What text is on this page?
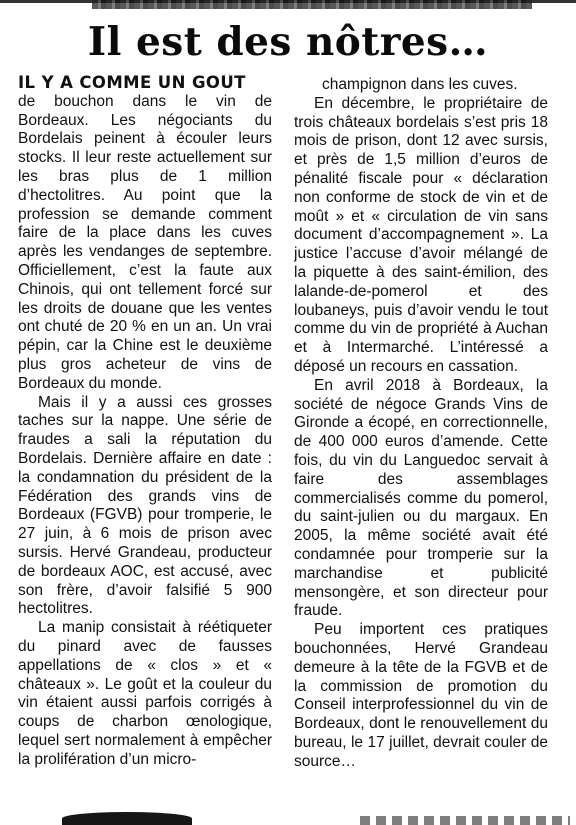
Il est des nôtres…

IL Y A COMME UN GOÛT

de bouchon dans le vin de Bordeaux. Les négociants du Bordelais peinent à écouler leurs stocks. Il leur reste actuellement sur les bras plus de 1 million d’hectolitres. Au point que la profession se demande comment faire de la place dans les cuves après les vendanges de septembre. Officiellement, c’est la faute aux Chinois, qui ont tellement forcé sur les droits de douane que les ventes ont chuté de 20 % en un an. Un vrai pépin, car la Chine est le deuxième plus gros acheteur de vins de Bordeaux du monde.

Mais il y a aussi ces grosses taches sur la nappe. Une série de fraudes a sali la réputation du Bordelais. Dernière affaire en date : la condamnation du président de la Fédération des grands vins de Bordeaux (FGVB) pour tromperie, le 27 juin, à 6 mois de prison avec sursis. Hervé Grandeau, producteur de bordeaux AOC, est accusé, avec son frère, d’avoir falsifié 5 900 hectolitres.

La manip consistait à réétiqueter du pinard avec de fausses appellations de « clos » et « châteaux ». Le goût et la couleur du vin étaient aussi parfois corrigés à coups de charbon œnologique, lequel sert normalement à empêcher la prolifération d’un micro-

champignon dans les cuves.

En décembre, le propriétaire de trois châteaux bordelais s’est pris 18 mois de prison, dont 12 avec sursis, et près de 1,5 million d’euros de pénalité fiscale pour « déclaration non conforme de stock de vin et de moût » et « circulation de vin sans document d’accompagnement ». La justice l’accuse d’avoir mélangé de la piquette à des saint-émilion, des lalande-de-pomerol et des loubaneys, puis d’avoir vendu le tout comme du vin de propriété à Auchan et à Intermarché. L’intéressé a déposé un recours en cassation.

En avril 2018 à Bordeaux, la société de négoce Grands Vins de Gironde a écopé, en correctionnelle, de 400 000 euros d’amende. Cette fois, du vin du Languedoc servait à faire des assemblages commercialisés comme du pomerol, du saint-julien ou du margaux. En 2005, la même société avait été condamnée pour tromperie sur la marchandise et publicité mensongère, et son directeur pour fraude.

Peu importent ces pratiques bouchonnées, Hervé Grandeau demeure à la tête de la FGVB et de la commission de promotion du Conseil interprofessionnel du vin de Bordeaux, dont le renouvellement du bureau, le 17 juillet, devrait couler de source…
